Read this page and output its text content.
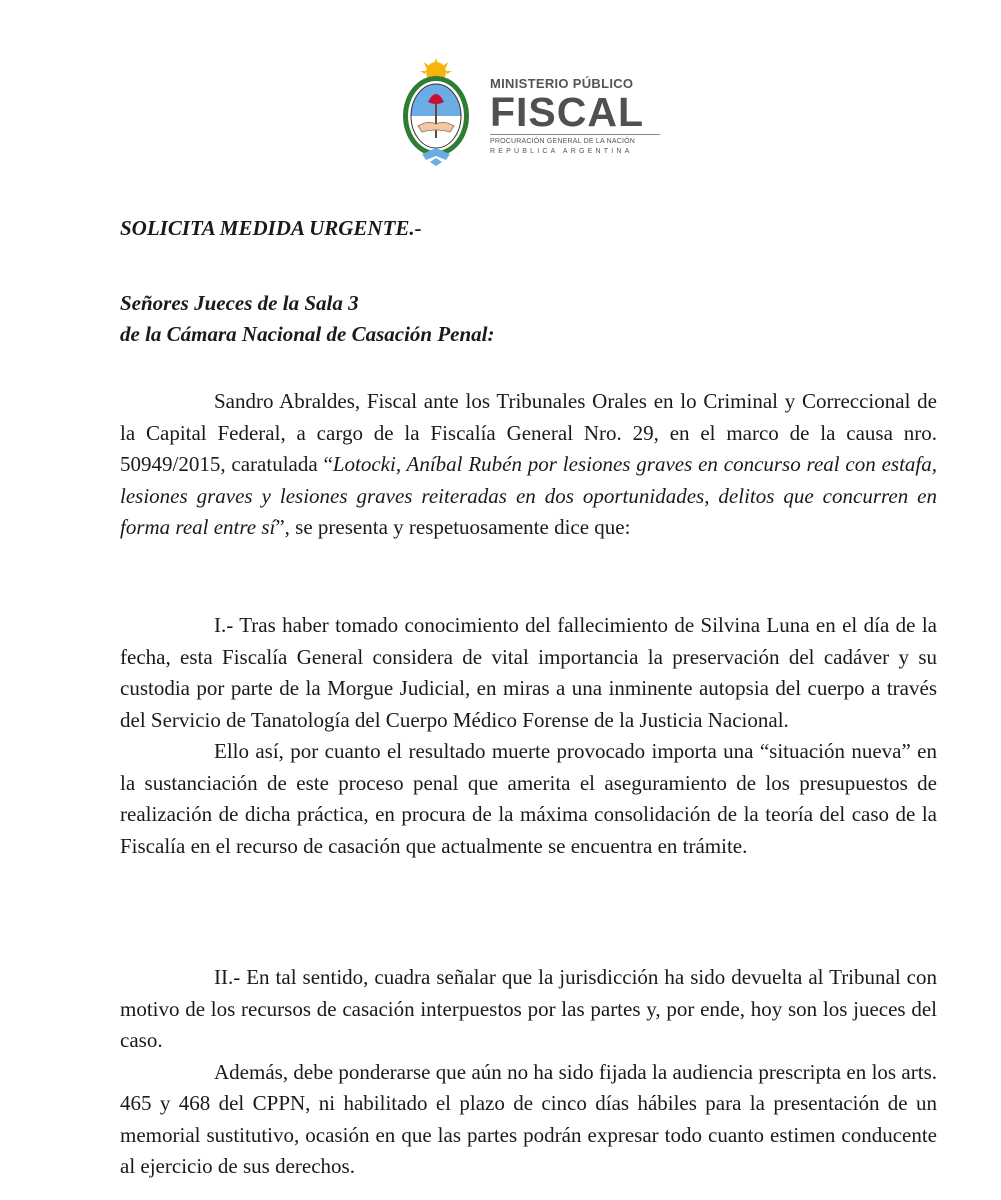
MINISTERIO PÚBLICO
FISCAL
PROCURACIÓN GENERAL DE LA NACIÓN
REPÚBLICA ARGENTINA
SOLICITA MEDIDA URGENTE.-
Señores Jueces de la Sala 3
de la Cámara Nacional de Casación Penal:

Sandro Abraldes, Fiscal ante los Tribunales Orales en lo Criminal y Correccional de la Capital Federal, a cargo de la Fiscalía General Nro. 29, en el marco de la causa nro. 50949/2015, caratulada “Lotocki, Aníbal Rubén por lesiones graves en concurso real con estafa, lesiones graves y lesiones graves reiteradas en dos oportunidades, delitos que concurren en forma real entre sí”, se presenta y respetuosamente dice que:

I.- Tras haber tomado conocimiento del fallecimiento de Silvina Luna en el día de la fecha, esta Fiscalía General considera de vital importancia la preservación del cadáver y su custodia por parte de la Morgue Judicial, en miras a una inminente autopsia del cuerpo a través del Servicio de Tanatología del Cuerpo Médico Forense de la Justicia Nacional.

Ello así, por cuanto el resultado muerte provocado importa una “situación nueva” en la sustanciación de este proceso penal que amerita el aseguramiento de los presupuestos de realización de dicha práctica, en procura de la máxima consolidación de la teoría del caso de la Fiscalía en el recurso de casación que actualmente se encuentra en trámite.

II.- En tal sentido, cuadra señalar que la jurisdicción ha sido devuelta al Tribunal con motivo de los recursos de casación interpuestos por las partes y, por ende, hoy son los jueces del caso.

Además, debe ponderarse que aún no ha sido fijada la audiencia prescripta en los arts. 465 y 468 del CPPN, ni habilitado el plazo de cinco días hábiles para la presentación de un memorial sustitutivo, ocasión en que las partes podrán expresar todo cuanto estimen conducente al ejercicio de sus derechos.
